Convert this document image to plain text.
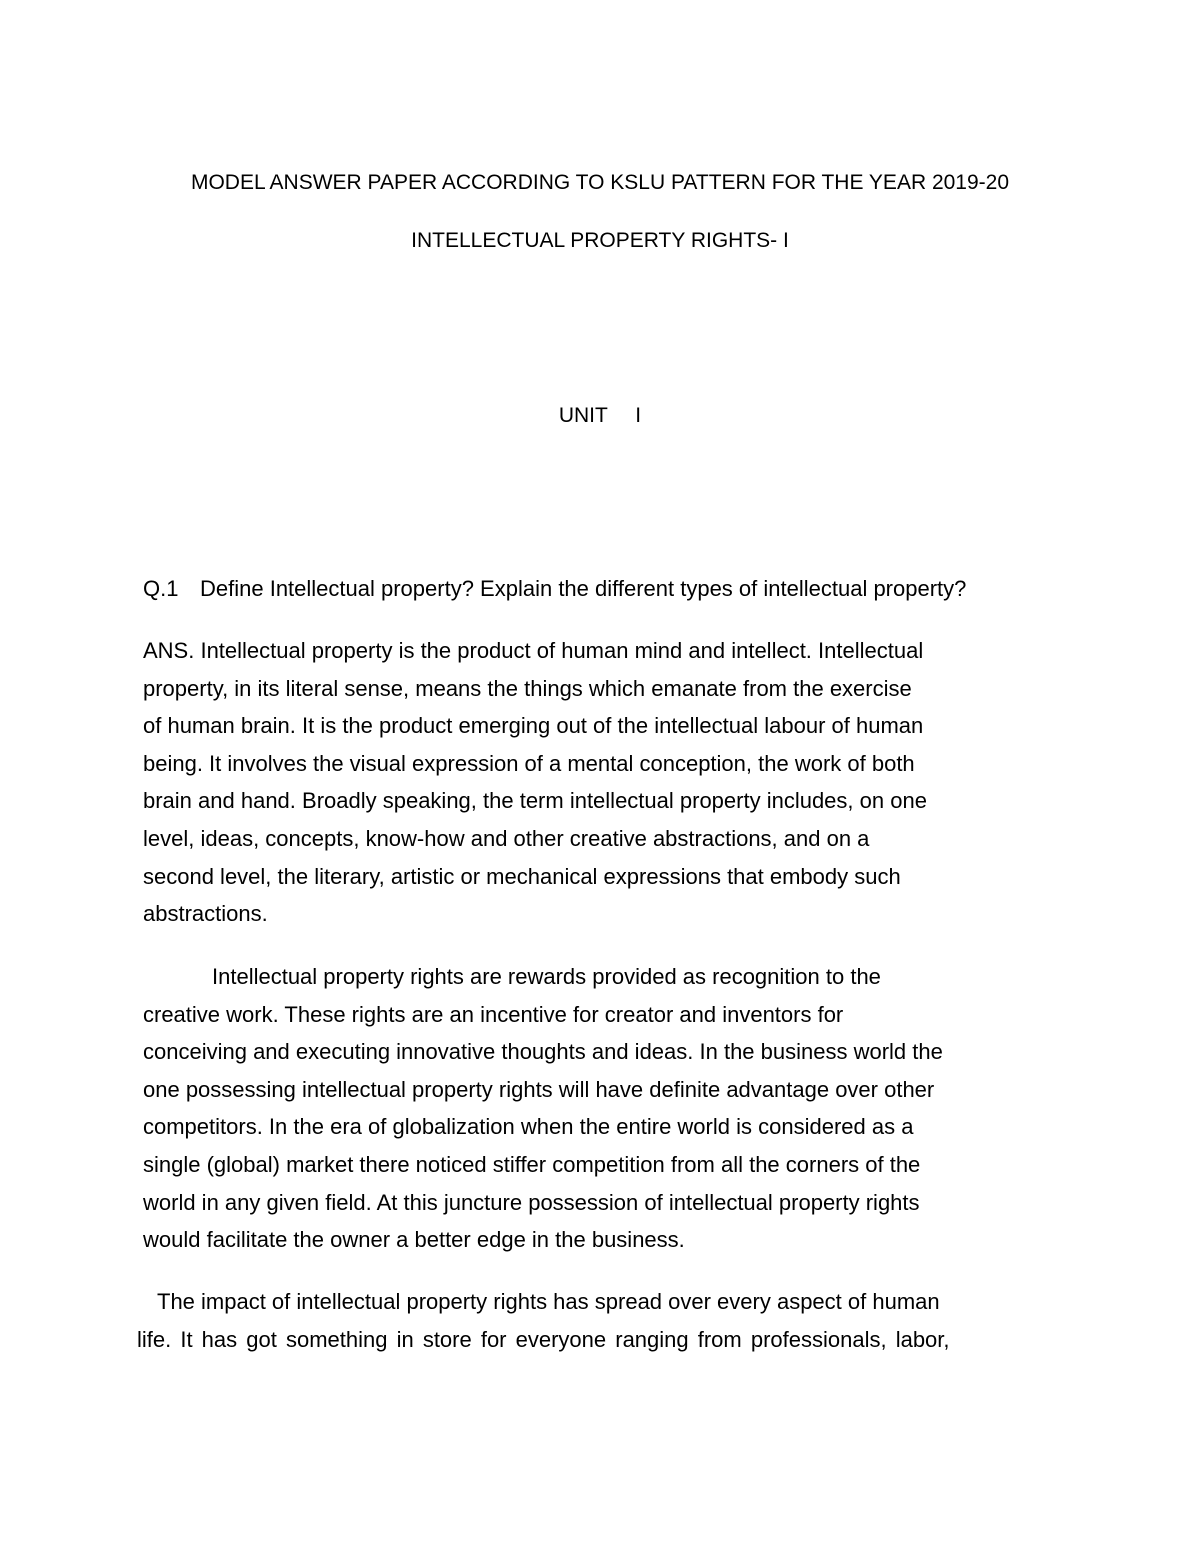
MODEL ANSWER PAPER ACCORDING TO KSLU PATTERN FOR THE YEAR 2019-20
INTELLECTUAL PROPERTY RIGHTS- I
UNIT I
Q.1 Define Intellectual property? Explain the different types of intellectual property?
ANS. Intellectual property is the product of human mind and intellect. Intellectual
property, in its literal sense, means the things which emanate from the exercise
of human brain. It is the product emerging out of the intellectual labour of human
being. It involves the visual expression of a mental conception, the work of both
brain and hand. Broadly speaking, the term intellectual property includes, on one
level, ideas, concepts, know-how and other creative abstractions, and on a
second level, the literary, artistic or mechanical expressions that embody such
abstractions.
Intellectual property rights are rewards provided as recognition to the
creative work. These rights are an incentive for creator and inventors for
conceiving and executing innovative thoughts and ideas. In the business world the
one possessing intellectual property rights will have definite advantage over other
competitors. In the era of globalization when the entire world is considered as a
single (global) market there noticed stiffer competition from all the corners of the
world in any given field. At this juncture possession of intellectual property rights
would facilitate the owner a better edge in the business.
The impact of intellectual property rights has spread over every aspect of human
life. It has got something in store for everyone ranging from professionals, labor,
